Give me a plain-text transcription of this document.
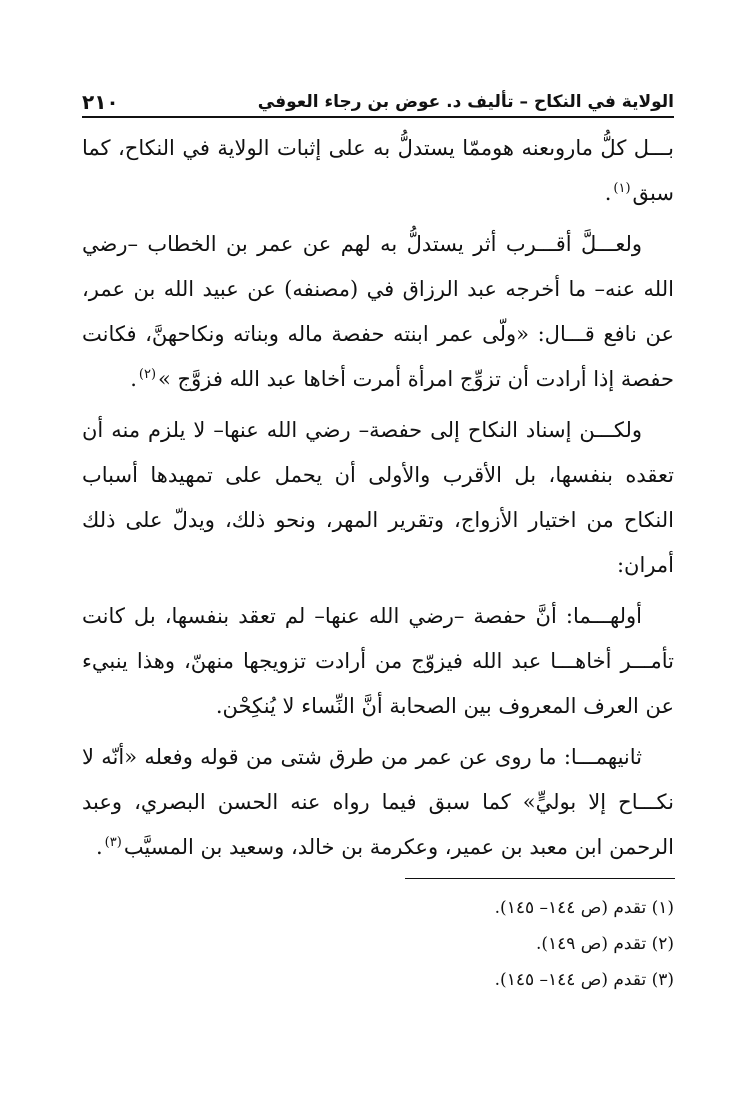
الولاية في النكاح – تأليف د. عوض بن رجاء العوفي
٢١٠

بـــل كلُّ ماروىعنه هوممّا يستدلُّ به على إثبات الولاية في النكاح، كما سبق$^{(١)}$.

ولعـــلَّ أقـــرب أثر يستدلُّ به لهم عن عمر بن الخطاب –رضي الله عنه– ما أخرجه عبد الرزاق في (مصنفه) عن عبيد الله بن عمر، عن نافع قـــال: «ولّى عمر ابنته حفصة ماله وبناته ونكاحهنَّ، فكانت حفصة إذا أرادت أن تزوِّج امرأة أمرت أخاها عبد الله فزوَّج »$^{(٢)}$.

ولكـــن إسناد النكاح إلى حفصة– رضي الله عنها– لا يلزم منه أن تعقده بنفسها، بل الأقرب والأولى أن يحمل على تمهيدها أسباب النكاح من اختيار الأزواج، وتقرير المهر، ونحو ذلك، ويدلّ على ذلك أمران:

أولهـــما: أنَّ حفصة –رضي الله عنها– لم تعقد بنفسها، بل كانت تأمـــر أخاهـــا عبد الله فيزوّج من أرادت تزويجها منهنّ، وهذا ينبيء عن العرف المعروف بين الصحابة أنَّ النِّساء لا يُنكِحْن.

ثانيهمـــا: ما روى عن عمر من طرق شتى من قوله وفعله «أنّه لا نكـــاح إلا بوليٍّ» كما سبق فيما رواه عنه الحسن البصري، وعبد الرحمن ابن معبد بن عمير، وعكرمة بن خالد، وسعيد بن المسيَّب$^{(٣)}$.

(١) تقدم (ص ١٤٤– ١٤٥).

(٢) تقدم (ص ١٤٩).

(٣) تقدم (ص ١٤٤– ١٤٥).
